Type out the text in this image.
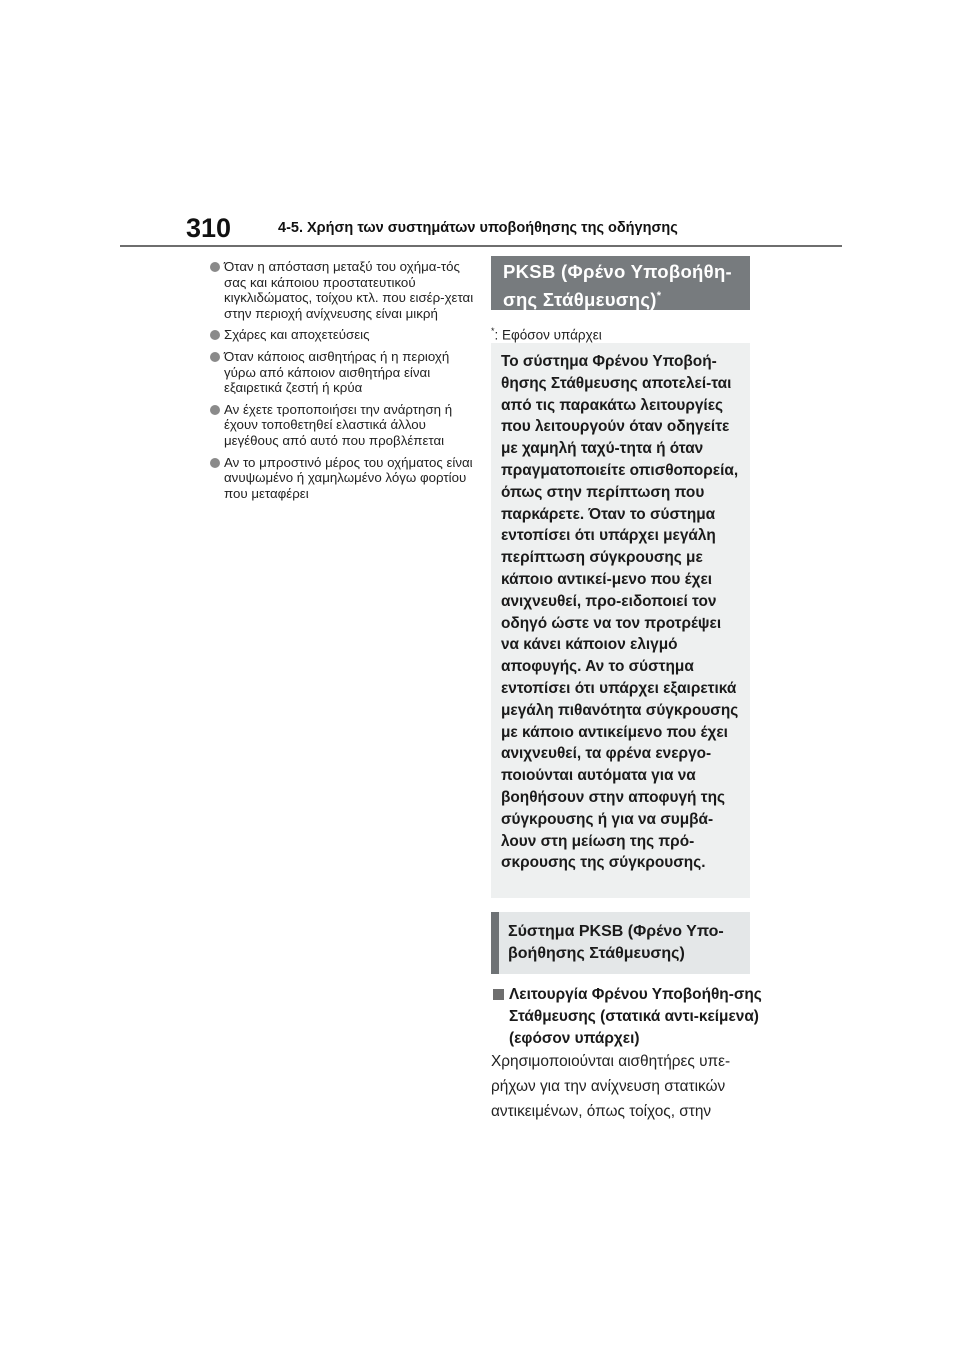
310	4-5. Χρήση των συστημάτων υποβοήθησης της οδήγησης
Όταν η απόσταση μεταξύ του οχήμα-τός σας και κάποιου προστατευτικού κιγκλιδώματος, τοίχου κτλ. που εισέρ-χεται στην περιοχή ανίχνευσης είναι μικρή
Σχάρες και αποχετεύσεις
Όταν κάποιος αισθητήρας ή η περιοχή γύρω από κάποιον αισθητήρα είναι εξαιρετικά ζεστή ή κρύα
Αν έχετε τροποποιήσει την ανάρτηση ή έχουν τοποθετηθεί ελαστικά άλλου μεγέθους από αυτό που προβλέπεται
Αν το μπροστινό μέρος του οχήματος είναι ανυψωμένο ή χαμηλωμένο λόγω φορτίου που μεταφέρει
PKSB (Φρένο Υποβοήθη-σης Στάθμευσης)*
*: Εφόσον υπάρχει

Το σύστημα Φρένου Υποβοή-θησης Στάθμευσης αποτελεί-ται από τις παρακάτω λειτουργίες που λειτουργούν όταν οδηγείτε με χαμηλή ταχύ-τητα ή όταν πραγματοποιείτε οπισθοπορεία, όπως στην περίπτωση που παρκάρετε. Όταν το σύστημα εντοπίσει ότι υπάρχει μεγάλη περίπτωση σύγκρουσης με κάποιο αντικεί-μενο που έχει ανιχνευθεί, προ-ειδοποιεί τον οδηγό ώστε να τον προτρέψει να κάνει κάποιον ελιγμό αποφυγής. Αν το σύστημα εντοπίσει ότι υπάρχει εξαιρετικά μεγάλη πιθανότητα σύγκρουσης με κάποιο αντικείμενο που έχει ανιχνευθεί, τα φρένα ενεργο-ποιούνται αυτόματα για να βοηθήσουν στην αποφυγή της σύγκρουσης ή για να συμβά-λουν στη μείωση της πρό-σκρουσης της σύγκρουσης.

Σύστημα PKSB (Φρένο Υπο-βοήθησης Στάθμευσης)
Λειτουργία Φρένου Υποβοήθη-σης Στάθμευσης (στατικά αντι-κείμενα) (εφόσον υπάρχει)

Χρησιμοποιούνται αισθητήρες υπε-ρήχων για την ανίχνευση στατικών αντικειμένων, όπως τοίχος, στην
